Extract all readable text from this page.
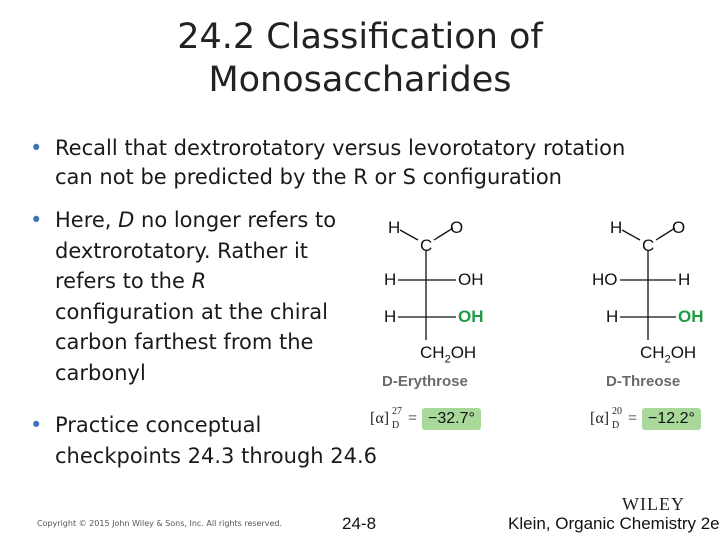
24.2 Classification of
Monosaccharides
• Recall that dextrorotatory versus levorotatory rotation
can not be predicted by the R or S configuration
• Here, D no longer refers to
dextrorotatory. Rather it
refers to the R
configuration at the chiral
carbon farthest from the
carbonyl
• Practice conceptual
checkpoints 24.3 through 24.6
H
C
O
H	OH
H	OH
$CH_2OH$
D-Erythrose
[α] 27
D = −32.7°
H
C
O
HO	H
H	OH
$CH_2OH$
D-Threose
[α] 20
D = −12.2°
Copyright © 2015 John Wiley & Sons, Inc. All rights reserved.	24-8
WILEY
Klein, Organic Chemistry 2e
